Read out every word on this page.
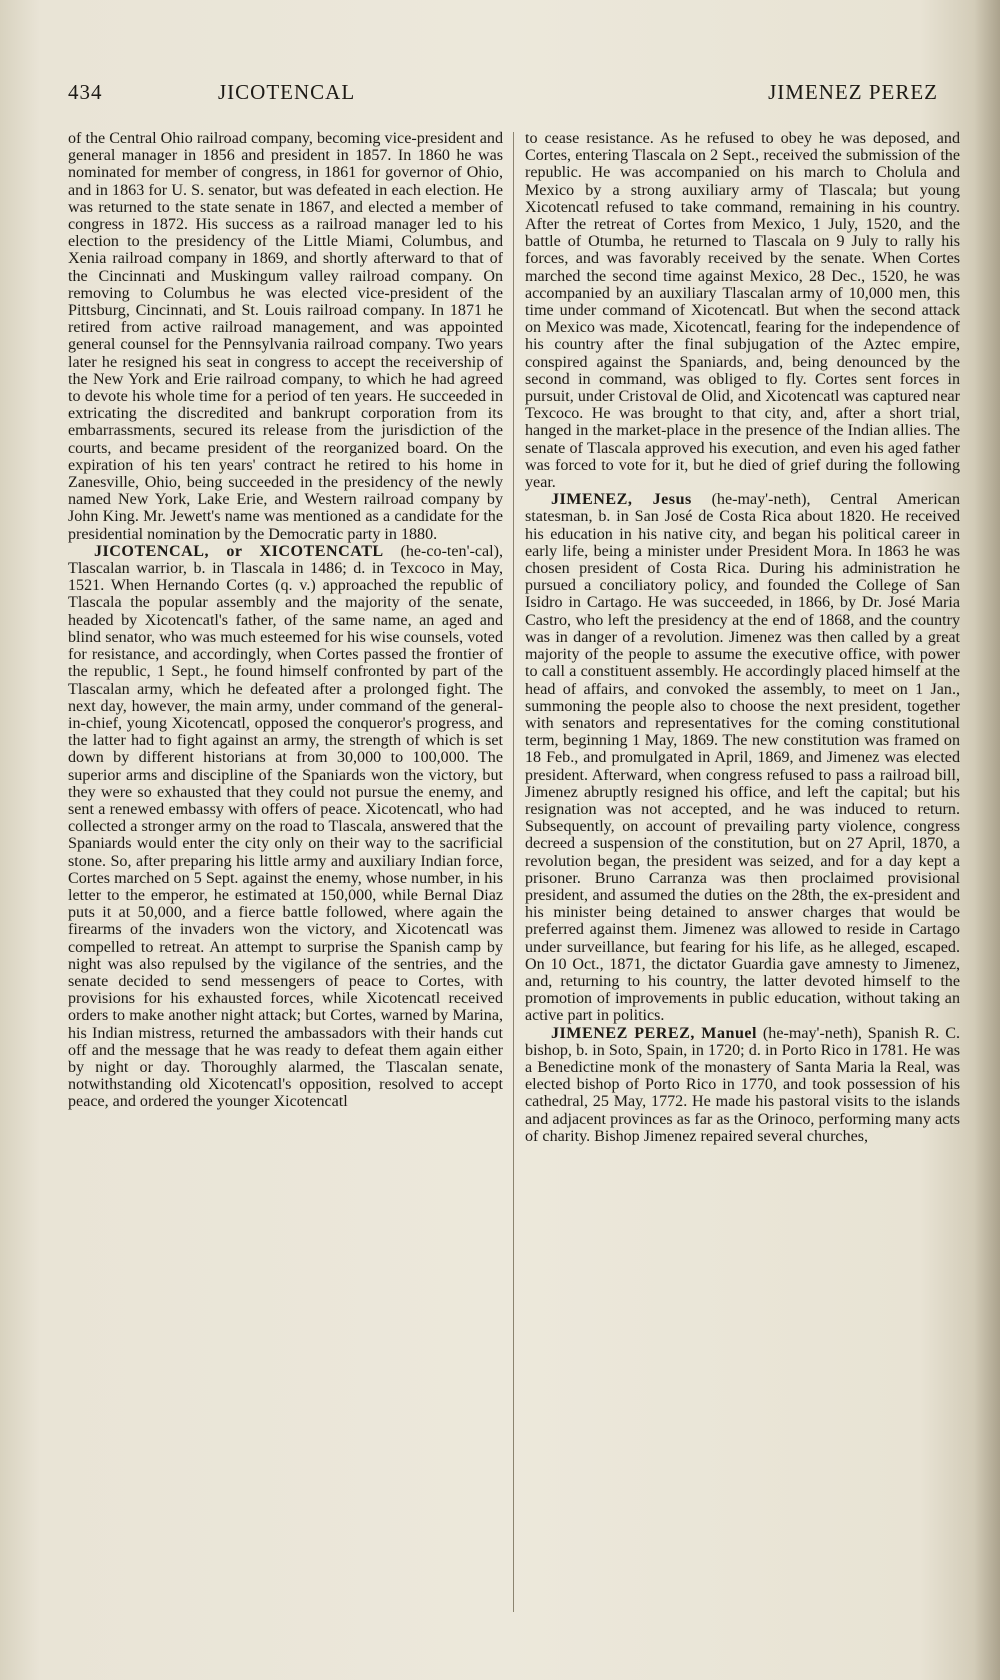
434	JICOTENCAL	JIMENEZ PEREZ

of the Central Ohio railroad company, becoming vice-president and general manager in 1856 and president in 1857. In 1860 he was nominated for member of congress, in 1861 for governor of Ohio, and in 1863 for U. S. senator, but was defeated in each election. He was returned to the state senate in 1867, and elected a member of congress in 1872. His success as a railroad manager led to his election to the presidency of the Little Miami, Columbus, and Xenia railroad company in 1869, and shortly afterward to that of the Cincinnati and Muskingum valley railroad company. On removing to Columbus he was elected vice-president of the Pittsburg, Cincinnati, and St. Louis railroad company. In 1871 he retired from active railroad management, and was appointed general counsel for the Pennsylvania railroad company. Two years later he resigned his seat in congress to accept the receivership of the New York and Erie railroad company, to which he had agreed to devote his whole time for a period of ten years. He succeeded in extricating the discredited and bankrupt corporation from its embarrassments, secured its release from the jurisdiction of the courts, and became president of the reorganized board. On the expiration of his ten years' contract he retired to his home in Zanesville, Ohio, being succeeded in the presidency of the newly named New York, Lake Erie, and Western railroad company by John King. Mr. Jewett's name was mentioned as a candidate for the presidential nomination by the Democratic party in 1880.

JICOTENCAL, or XICOTENCATL (he-co-ten'-cal), Tlascalan warrior, b. in Tlascala in 1486; d. in Texcoco in May, 1521. When Hernando Cortes (q. v.) approached the republic of Tlascala the popular assembly and the majority of the senate, headed by Xicotencatl's father, of the same name, an aged and blind senator, who was much esteemed for his wise counsels, voted for resistance, and accordingly, when Cortes passed the frontier of the republic, 1 Sept., he found himself confronted by part of the Tlascalan army, which he defeated after a prolonged fight. The next day, however, the main army, under command of the general-in-chief, young Xicotencatl, opposed the conqueror's progress, and the latter had to fight against an army, the strength of which is set down by different historians at from 30,000 to 100,000. The superior arms and discipline of the Spaniards won the victory, but they were so exhausted that they could not pursue the enemy, and sent a renewed embassy with offers of peace. Xicotencatl, who had collected a stronger army on the road to Tlascala, answered that the Spaniards would enter the city only on their way to the sacrificial stone. So, after preparing his little army and auxiliary Indian force, Cortes marched on 5 Sept. against the enemy, whose number, in his letter to the emperor, he estimated at 150,000, while Bernal Diaz puts it at 50,000, and a fierce battle followed, where again the firearms of the invaders won the victory, and Xicotencatl was compelled to retreat. An attempt to surprise the Spanish camp by night was also repulsed by the vigilance of the sentries, and the senate decided to send messengers of peace to Cortes, with provisions for his exhausted forces, while Xicotencatl received orders to make another night attack; but Cortes, warned by Marina, his Indian mistress, returned the ambassadors with their hands cut off and the message that he was ready to defeat them again either by night or day. Thoroughly alarmed, the Tlascalan senate, notwithstanding old Xicotencatl's opposition, resolved to accept peace, and ordered the younger Xicotencatl

to cease resistance. As he refused to obey he was deposed, and Cortes, entering Tlascala on 2 Sept., received the submission of the republic. He was accompanied on his march to Cholula and Mexico by a strong auxiliary army of Tlascala; but young Xicotencatl refused to take command, remaining in his country. After the retreat of Cortes from Mexico, 1 July, 1520, and the battle of Otumba, he returned to Tlascala on 9 July to rally his forces, and was favorably received by the senate. When Cortes marched the second time against Mexico, 28 Dec., 1520, he was accompanied by an auxiliary Tlascalan army of 10,000 men, this time under command of Xicotencatl. But when the second attack on Mexico was made, Xicotencatl, fearing for the independence of his country after the final subjugation of the Aztec empire, conspired against the Spaniards, and, being denounced by the second in command, was obliged to fly. Cortes sent forces in pursuit, under Cristoval de Olid, and Xicotencatl was captured near Texcoco. He was brought to that city, and, after a short trial, hanged in the market-place in the presence of the Indian allies. The senate of Tlascala approved his execution, and even his aged father was forced to vote for it, but he died of grief during the following year.

JIMENEZ, Jesus (he-may'-neth), Central American statesman, b. in San José de Costa Rica about 1820. He received his education in his native city, and began his political career in early life, being a minister under President Mora. In 1863 he was chosen president of Costa Rica. During his administration he pursued a conciliatory policy, and founded the College of San Isidro in Cartago. He was succeeded, in 1866, by Dr. José Maria Castro, who left the presidency at the end of 1868, and the country was in danger of a revolution. Jimenez was then called by a great majority of the people to assume the executive office, with power to call a constituent assembly. He accordingly placed himself at the head of affairs, and convoked the assembly, to meet on 1 Jan., summoning the people also to choose the next president, together with senators and representatives for the coming constitutional term, beginning 1 May, 1869. The new constitution was framed on 18 Feb., and promulgated in April, 1869, and Jimenez was elected president. Afterward, when congress refused to pass a railroad bill, Jimenez abruptly resigned his office, and left the capital; but his resignation was not accepted, and he was induced to return. Subsequently, on account of prevailing party violence, congress decreed a suspension of the constitution, but on 27 April, 1870, a revolution began, the president was seized, and for a day kept a prisoner. Bruno Carranza was then proclaimed provisional president, and assumed the duties on the 28th, the ex-president and his minister being detained to answer charges that would be preferred against them. Jimenez was allowed to reside in Cartago under surveillance, but fearing for his life, as he alleged, escaped. On 10 Oct., 1871, the dictator Guardia gave amnesty to Jimenez, and, returning to his country, the latter devoted himself to the promotion of improvements in public education, without taking an active part in politics.

JIMENEZ PEREZ, Manuel (he-may'-neth), Spanish R. C. bishop, b. in Soto, Spain, in 1720; d. in Porto Rico in 1781. He was a Benedictine monk of the monastery of Santa Maria la Real, was elected bishop of Porto Rico in 1770, and took possession of his cathedral, 25 May, 1772. He made his pastoral visits to the islands and adjacent provinces as far as the Orinoco, performing many acts of charity. Bishop Jimenez repaired several churches,
